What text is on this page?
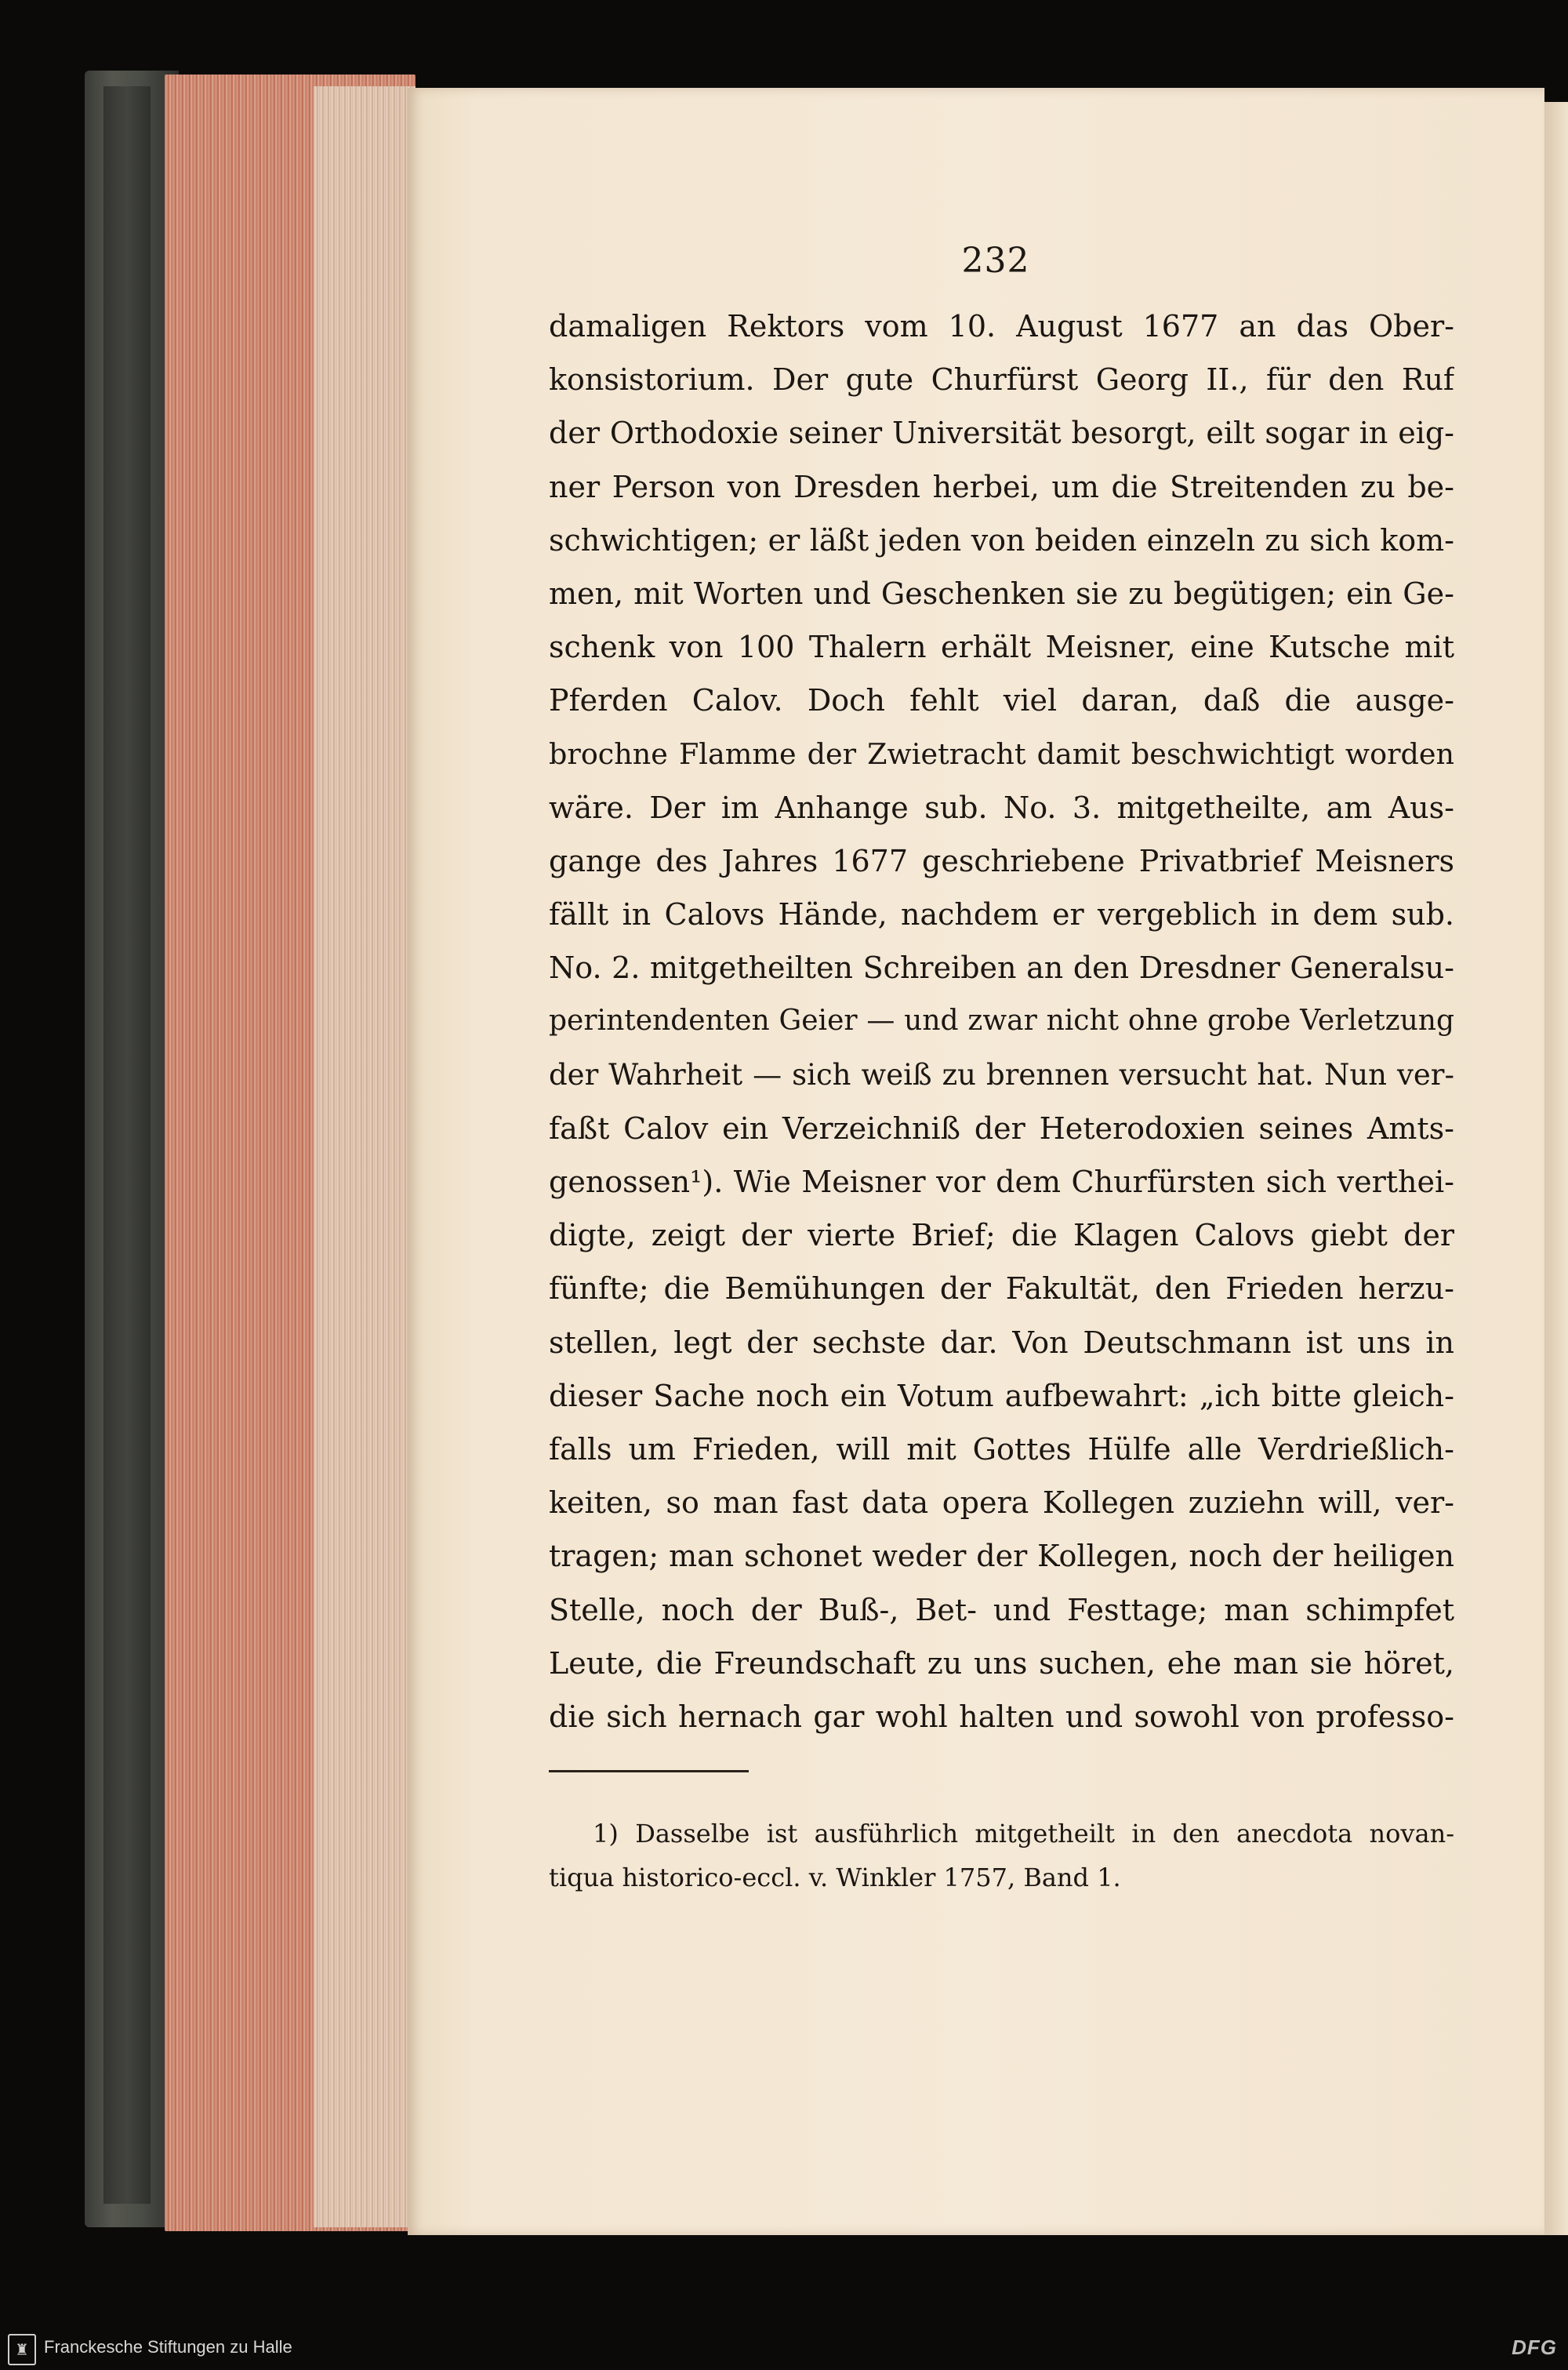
232
damaligen Rektors vom 10. August 1677 an das Ober-
konsistorium. Der gute Churfürst Georg II., für den Ruf
der Orthodoxie seiner Universität besorgt, eilt sogar in eig-
ner Person von Dresden herbei, um die Streitenden zu be-
schwichtigen; er läßt jeden von beiden einzeln zu sich kom-
men, mit Worten und Geschenken sie zu begütigen; ein Ge-
schenk von 100 Thalern erhält Meisner, eine Kutsche mit
Pferden Calov. Doch fehlt viel daran, daß die ausge-
brochne Flamme der Zwietracht damit beschwichtigt worden
wäre. Der im Anhange sub. No. 3. mitgetheilte, am Aus-
gange des Jahres 1677 geschriebene Privatbrief Meisners
fällt in Calovs Hände, nachdem er vergeblich in dem sub.
No. 2. mitgetheilten Schreiben an den Dresdner Generalsu-
perintendenten Geier — und zwar nicht ohne grobe Verletzung
der Wahrheit — sich weiß zu brennen versucht hat. Nun ver-
faßt Calov ein Verzeichniß der Heterodoxien seines Amts-
genossen¹). Wie Meisner vor dem Churfürsten sich verthei-
digte, zeigt der vierte Brief; die Klagen Calovs giebt der
fünfte; die Bemühungen der Fakultät, den Frieden herzu-
stellen, legt der sechste dar. Von Deutschmann ist uns in
dieser Sache noch ein Votum aufbewahrt: „ich bitte gleich-
falls um Frieden, will mit Gottes Hülfe alle Verdrießlich-
keiten, so man fast data opera Kollegen zuziehn will, ver-
tragen; man schonet weder der Kollegen, noch der heiligen
Stelle, noch der Buß-, Bet- und Festtage; man schimpfet
Leute, die Freundschaft zu uns suchen, ehe man sie höret,
die sich hernach gar wohl halten und sowohl von professo-
1) Dasselbe ist ausführlich mitgetheilt in den anecdota novan-
tiqua historico-eccl. v. Winkler 1757, Band 1.
♜ Franckesche Stiftungen zu Halle	DFG
